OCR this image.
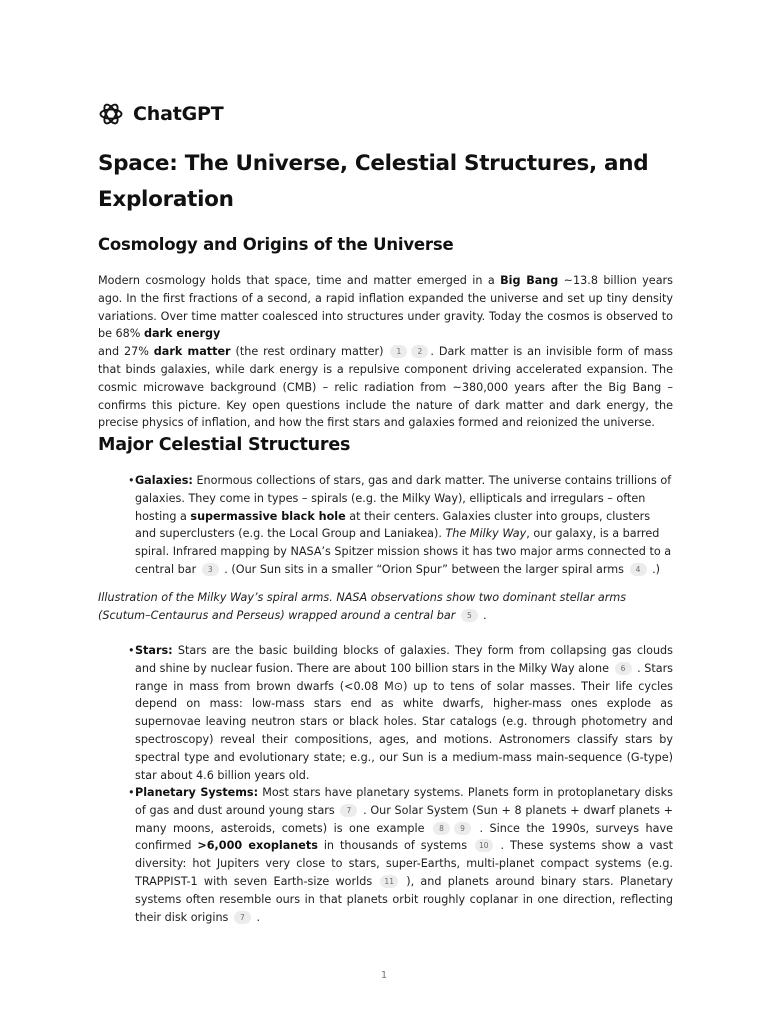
ChatGPT
Space: The Universe, Celestial Structures, and Exploration
Cosmology and Origins of the Universe

Modern cosmology holds that space, time and matter emerged in a Big Bang ~13.8 billion years ago. In the first fractions of a second, a rapid inflation expanded the universe and set up tiny density variations. Over time matter coalesced into structures under gravity. Today the cosmos is observed to be 68% dark energy
and 27% dark matter (the rest ordinary matter) 1 2 . Dark matter is an invisible form of mass that binds galaxies, while dark energy is a repulsive component driving accelerated expansion. The cosmic microwave background (CMB) – relic radiation from ~380,000 years after the Big Bang – confirms this picture. Key open questions include the nature of dark matter and dark energy, the precise physics of inflation, and how the first stars and galaxies formed and reionized the universe.

Major Celestial Structures
• Galaxies: Enormous collections of stars, gas and dark matter. The universe contains trillions of galaxies. They come in types – spirals (e.g. the Milky Way), ellipticals and irregulars – often hosting a supermassive black hole at their centers. Galaxies cluster into groups, clusters and superclusters (e.g. the Local Group and Laniakea). The Milky Way, our galaxy, is a barred spiral. Infrared mapping by NASA’s Spitzer mission shows it has two major arms connected to a central bar 3 . (Our Sun sits in a smaller “Orion Spur” between the larger spiral arms 4 .)

Illustration of the Milky Way’s spiral arms. NASA observations show two dominant stellar arms (Scutum–Centaurus and Perseus) wrapped around a central bar 5 .

• Stars: Stars are the basic building blocks of galaxies. They form from collapsing gas clouds and shine by nuclear fusion. There are about 100 billion stars in the Milky Way alone 6 . Stars range in mass from brown dwarfs (<0.08 M⊙) up to tens of solar masses. Their life cycles depend on mass: low-mass stars end as white dwarfs, higher-mass ones explode as supernovae leaving neutron stars or black holes. Star catalogs (e.g. through photometry and spectroscopy) reveal their compositions, ages, and motions. Astronomers classify stars by spectral type and evolutionary state; e.g., our Sun is a medium-mass main-sequence (G-type) star about 4.6 billion years old.
• Planetary Systems: Most stars have planetary systems. Planets form in protoplanetary disks of gas and dust around young stars 7 . Our Solar System (Sun + 8 planets + dwarf planets + many moons, asteroids, comets) is one example 8 9 . Since the 1990s, surveys have confirmed >6,000 exoplanets in thousands of systems 10 . These systems show a vast diversity: hot Jupiters very close to stars, super-Earths, multi-planet compact systems (e.g. TRAPPIST-1 with seven Earth-size worlds 11 ), and planets around binary stars. Planetary systems often resemble ours in that planets orbit roughly coplanar in one direction, reflecting their disk origins 7 .
1
